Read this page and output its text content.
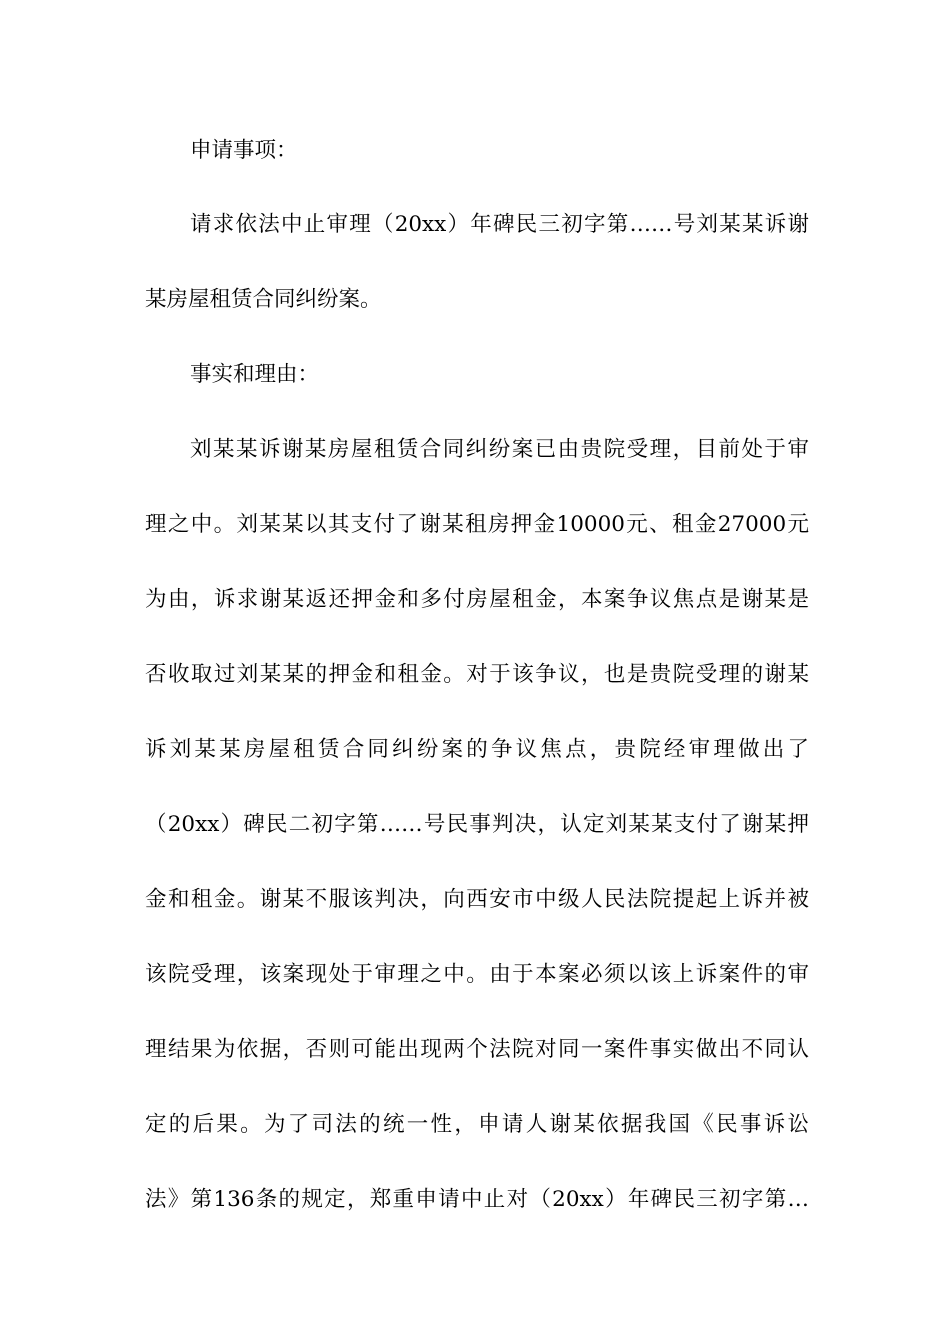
申请事项：
请求依法中止审理（20xx）年碑民三初字第……号刘某某诉谢
某房屋租赁合同纠纷案。
事实和理由：
刘某某诉谢某房屋租赁合同纠纷案已由贵院受理，目前处于审
理之中。刘某某以其支付了谢某租房押金10000元、租金27000元
为由，诉求谢某返还押金和多付房屋租金，本案争议焦点是谢某是
否收取过刘某某的押金和租金。对于该争议，也是贵院受理的谢某
诉刘某某房屋租赁合同纠纷案的争议焦点，贵院经审理做出了
（20xx）碑民二初字第……号民事判决，认定刘某某支付了谢某押
金和租金。谢某不服该判决，向西安市中级人民法院提起上诉并被
该院受理，该案现处于审理之中。由于本案必须以该上诉案件的审
理结果为依据，否则可能出现两个法院对同一案件事实做出不同认
定的后果。为了司法的统一性，申请人谢某依据我国《民事诉讼
法》第136条的规定，郑重申请中止对（20xx）年碑民三初字第…
